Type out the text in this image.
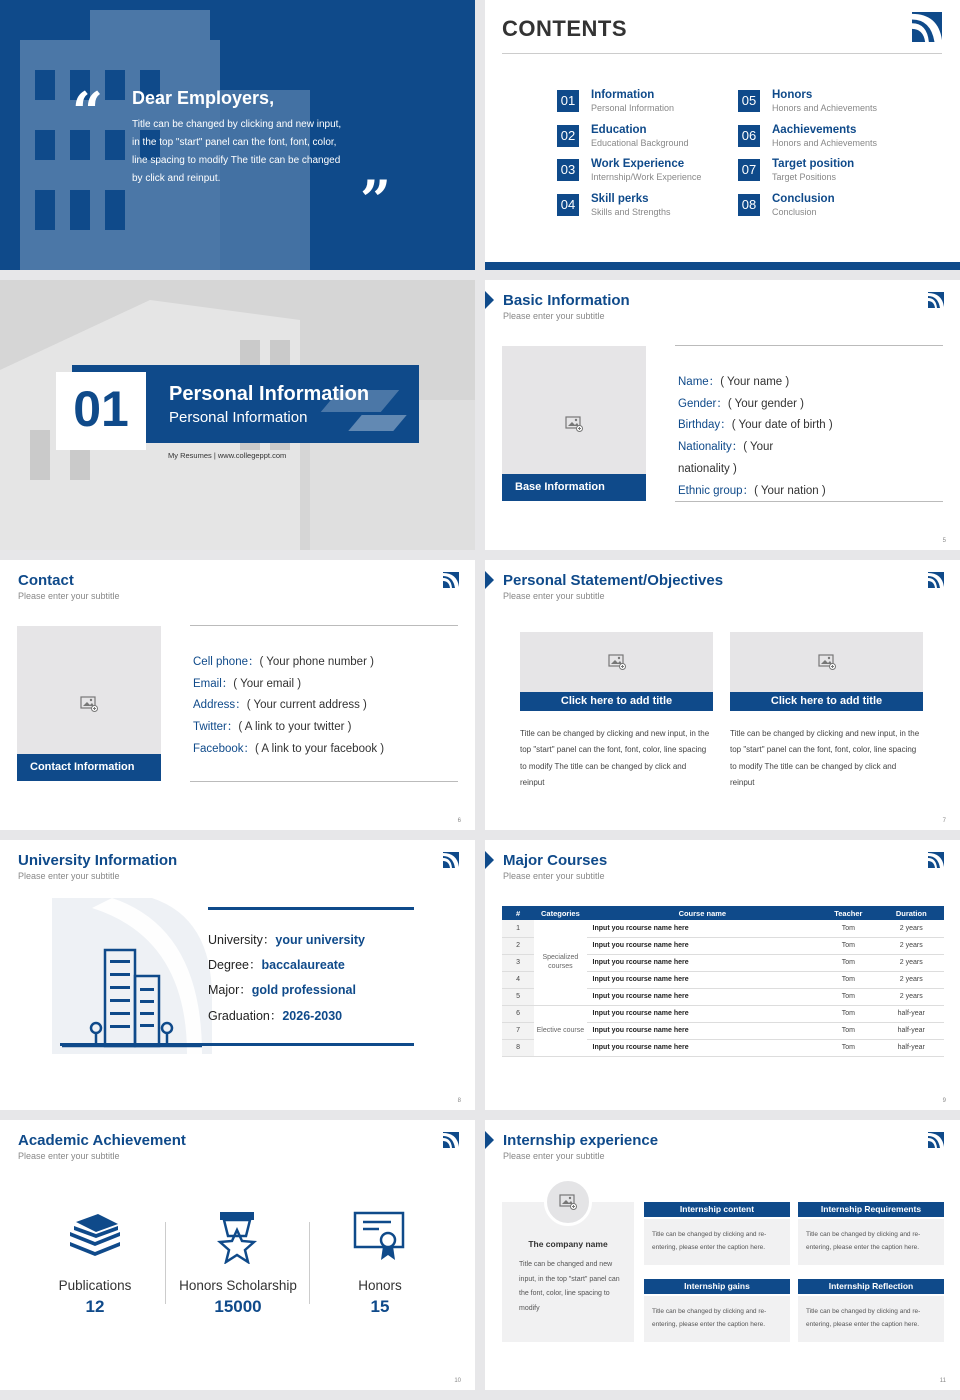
“ Dear Employers,
Title can be changed by clicking and new input, in the top "start" panel can the font, font, color, line spacing to modify The title can be changed by click and reinput.	”
CONTENTS
01	Information
Personal Information
02	Education
Educational Background
03	Work Experience
Internship/Work Experience
04	Skill perks
Skills and Strengths
05	Honors
Honors and Achievements
06	Aachievements
Honors and Achievements
07	Target position
Target Positions
08	Conclusion
Conclusion
01	Personal Information
Personal Information
My Resumes | www.collegeppt.com
Basic Information
Please enter your subtitle
Base Information
Name：( Your name )
Gender：( Your gender )
Birthday：( Your date of birth )
Nationality：( Your
nationality )
Ethnic group：( Your nation )
5
Contact
Please enter your subtitle
Contact Information
Cell phone：( Your phone number )
Email：( Your email )
Address：( Your current address )
Twitter：( A link to your twitter )
Facebook：( A link to your facebook )
6
Personal Statement/Objectives
Please enter your subtitle
Click here to add title
Title can be changed by clicking and new input, in the top "start" panel can the font, font, color, line spacing to modify The title can be changed by click and reinput
Click here to add title
Title can be changed by clicking and new input, in the top "start" panel can the font, font, color, line spacing to modify The title can be changed by click and reinput
7
University Information
Please enter your subtitle
University：your university
Degree：baccalaureate
Major：gold professional
Graduation：2026-2030
8
Major Courses
Please enter your subtitle
#	Categories	Course name	Teacher	Duration
1	Specialized courses	Input you rcourse name here	Tom	2 years
2		Input you rcourse name here	Tom	2 years
3		Input you rcourse name here	Tom	2 years
4		Input you rcourse name here	Tom	2 years
5		Input you rcourse name here	Tom	2 years
6	Elective course	Input you rcourse name here	Tom	half-year
7		Input you rcourse name here	Tom	half-year
8		Input you rcourse name here	Tom	half-year
9
Academic Achievement
Please enter your subtitle
Publications
12
Honors Scholarship
15000
Honors
15
10
Internship experience
Please enter your subtitle
The company name
Title can be changed and new input, in the top "start" panel can the font, color, line spacing to modify
Internship content
Title can be changed by clicking and re-entering, please enter the caption here.
Internship Requirements
Title can be changed by clicking and re-entering, please enter the caption here.
Internship gains
Title can be changed by clicking and re-entering, please enter the caption here.
Internship Reflection
Title can be changed by clicking and re-entering, please enter the caption here.
11
